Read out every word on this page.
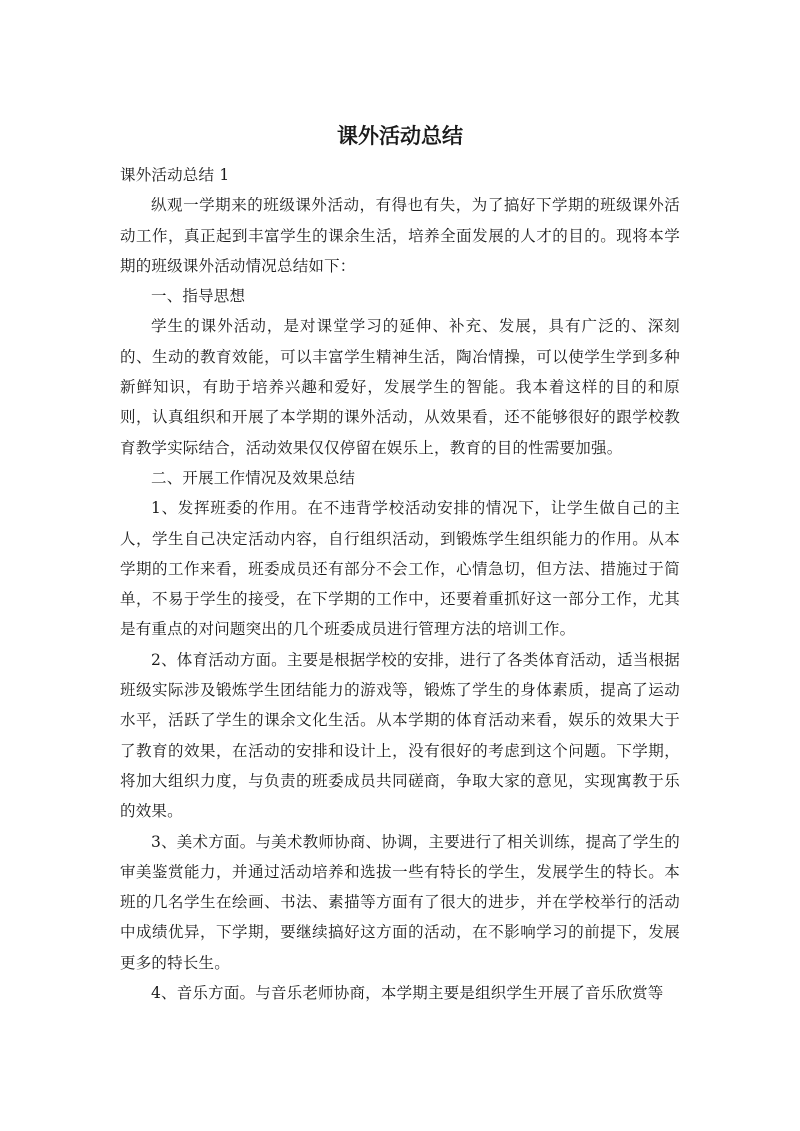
课外活动总结

课外活动总结 1

纵观一学期来的班级课外活动，有得也有失，为了搞好下学期的班级课外活动工作，真正起到丰富学生的课余生活，培养全面发展的人才的目的。现将本学期的班级课外活动情况总结如下：

一、指导思想

学生的课外活动，是对课堂学习的延伸、补充、发展，具有广泛的、深刻的、生动的教育效能，可以丰富学生精神生活，陶冶情操，可以使学生学到多种新鲜知识，有助于培养兴趣和爱好，发展学生的智能。我本着这样的目的和原则，认真组织和开展了本学期的课外活动，从效果看，还不能够很好的跟学校教育教学实际结合，活动效果仅仅停留在娱乐上，教育的目的性需要加强。

二、开展工作情况及效果总结

1、发挥班委的作用。在不违背学校活动安排的情况下，让学生做自己的主人，学生自己决定活动内容，自行组织活动，到锻炼学生组织能力的作用。从本学期的工作来看，班委成员还有部分不会工作，心情急切，但方法、措施过于简单，不易于学生的接受，在下学期的工作中，还要着重抓好这一部分工作，尤其是有重点的对问题突出的几个班委成员进行管理方法的培训工作。

2、体育活动方面。主要是根据学校的安排，进行了各类体育活动，适当根据班级实际涉及锻炼学生团结能力的游戏等，锻炼了学生的身体素质，提高了运动水平，活跃了学生的课余文化生活。从本学期的体育活动来看，娱乐的效果大于了教育的效果，在活动的安排和设计上，没有很好的考虑到这个问题。下学期，将加大组织力度，与负责的班委成员共同磋商，争取大家的意见，实现寓教于乐的效果。

3、美术方面。与美术教师协商、协调，主要进行了相关训练，提高了学生的审美鉴赏能力，并通过活动培养和选拔一些有特长的学生，发展学生的特长。本班的几名学生在绘画、书法、素描等方面有了很大的进步，并在学校举行的活动中成绩优异，下学期，要继续搞好这方面的活动，在不影响学习的前提下，发展更多的特长生。

4、音乐方面。与音乐老师协商，本学期主要是组织学生开展了音乐欣赏等
